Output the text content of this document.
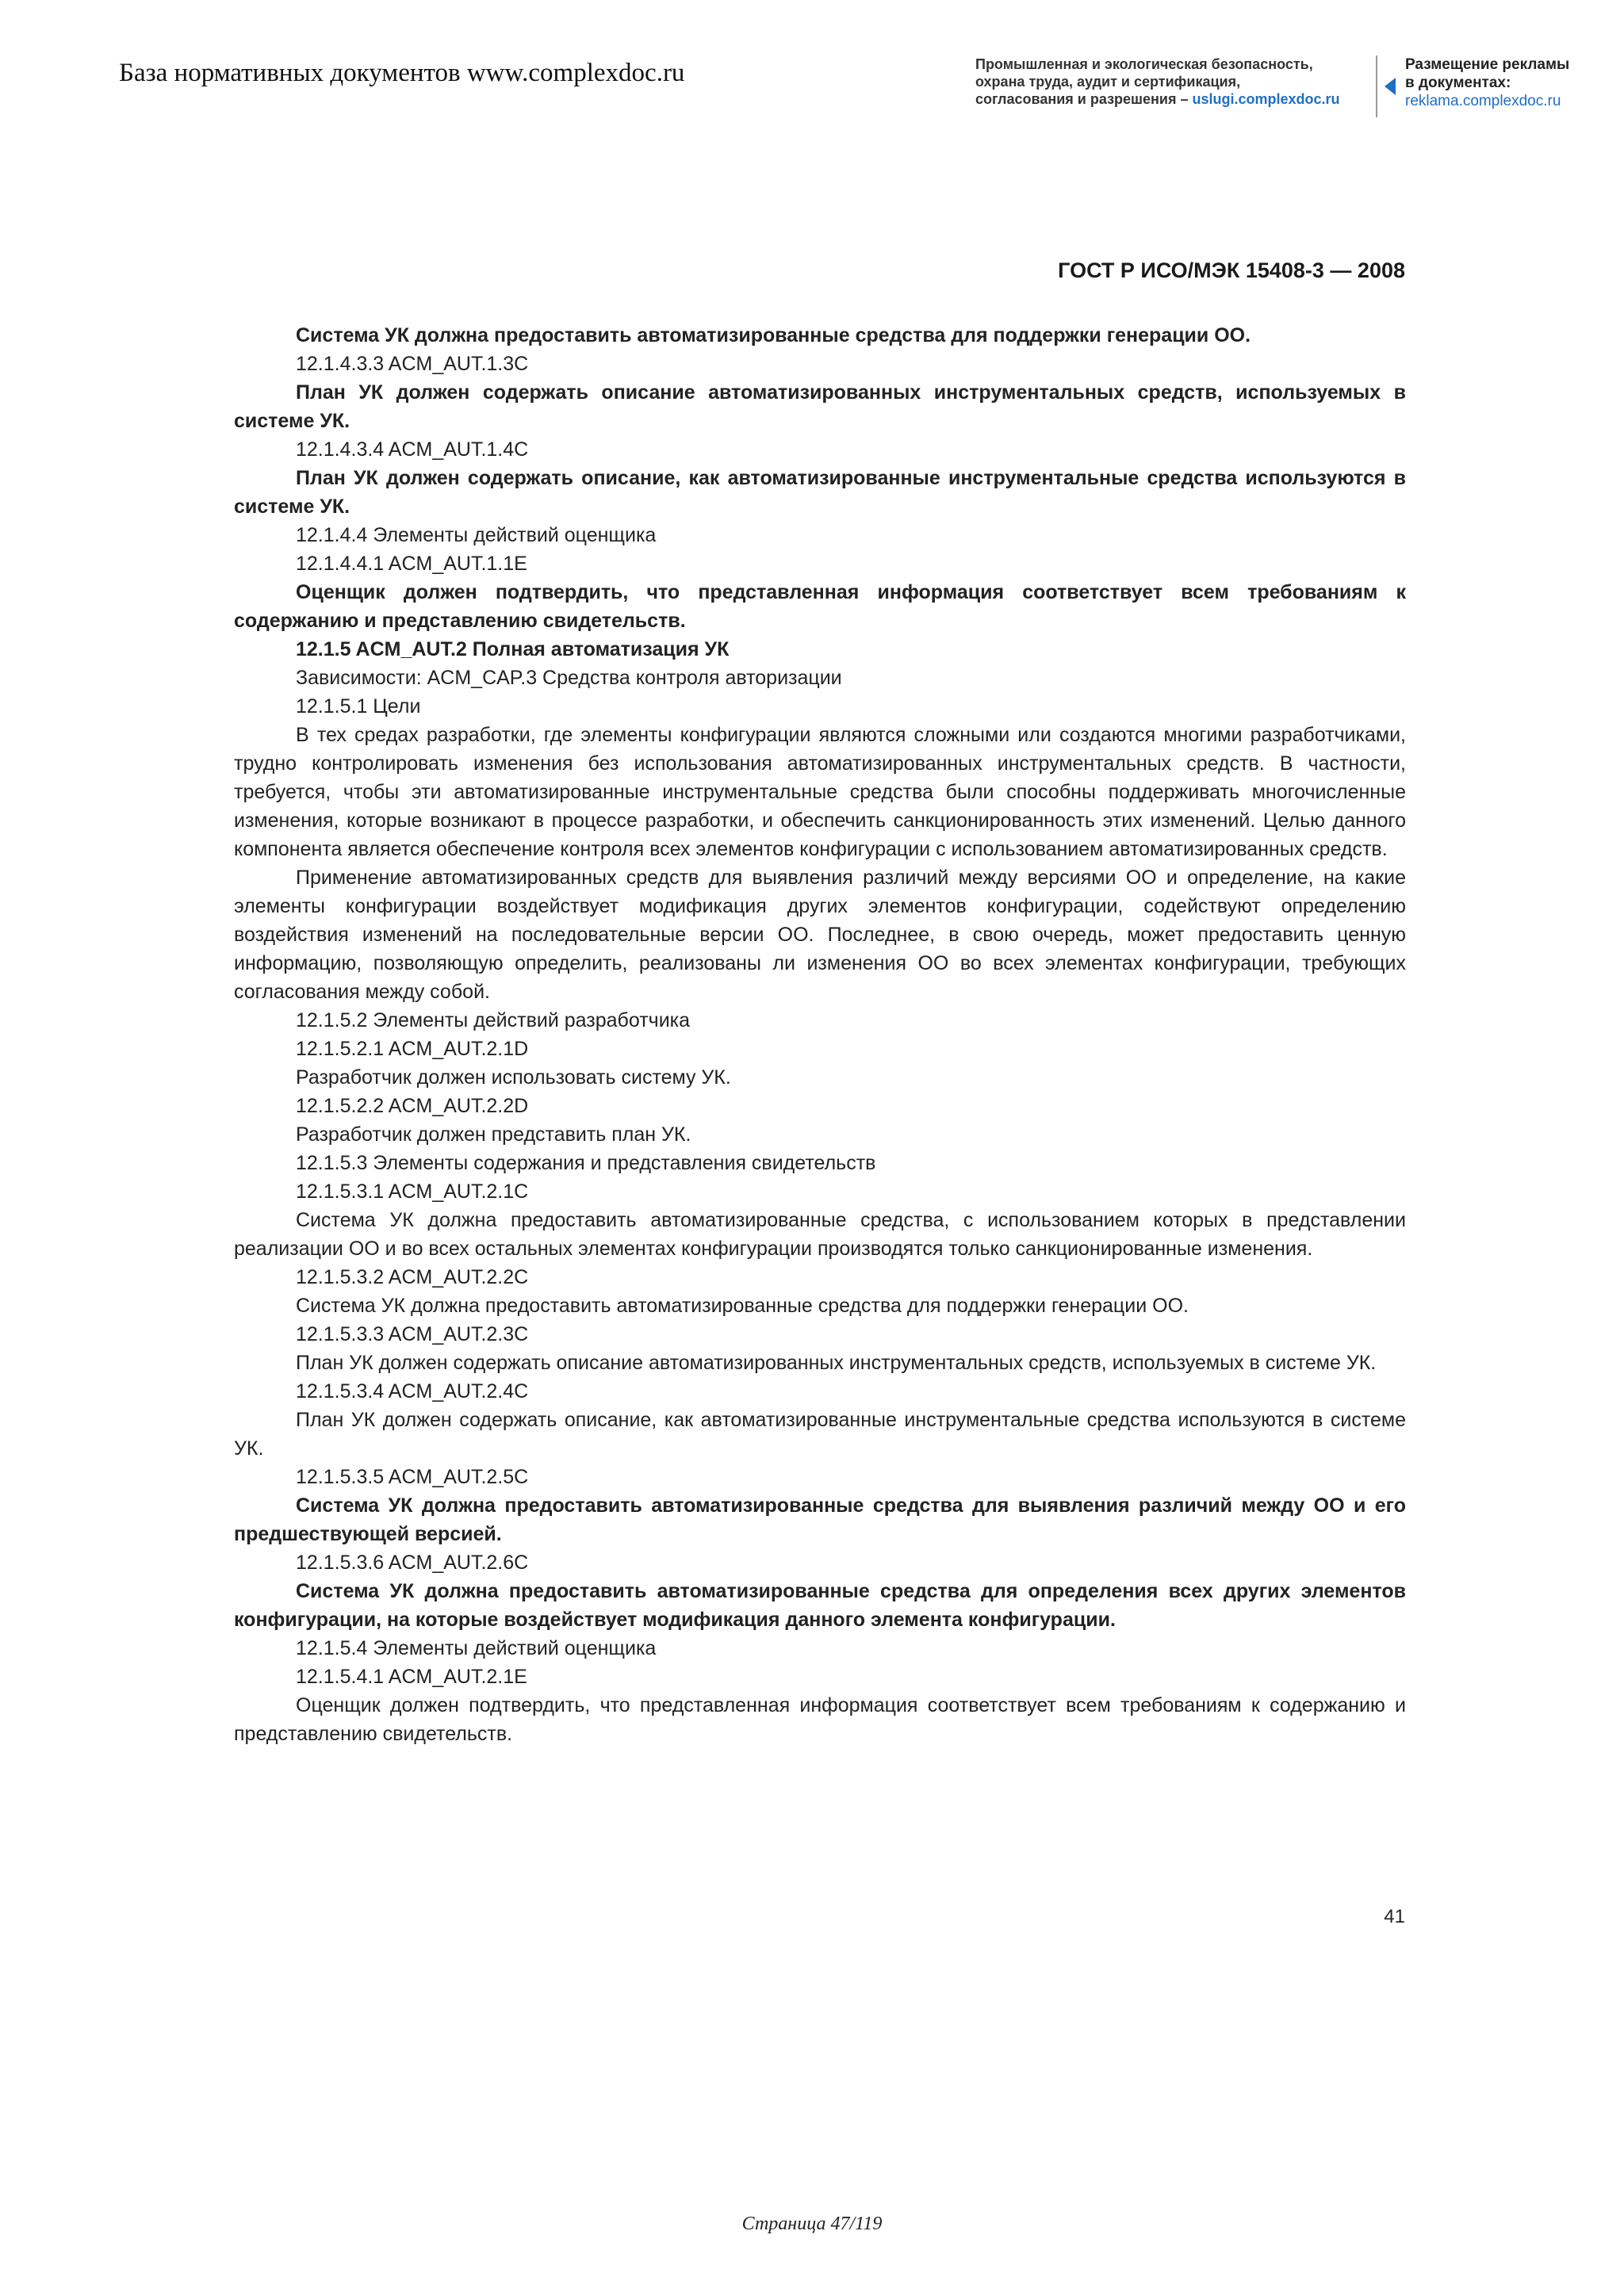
База нормативных документов www.complexdoc.ru	Промышленная и экологическая безопасность,
охрана труда, аудит и сертификация,
согласования и разрешения – uslugi.complexdoc.ru
Размещение рекламы
в документах:
reklama.complexdoc.ru
ГОСТ Р ИСО/МЭК 15408-3 — 2008

Система УК должна предоставить автоматизированные средства для поддержки генерации ОО.

12.1.4.3.3 ACM_AUT.1.3C

План УК должен содержать описание автоматизированных инструментальных средств, используемых в системе УК.

12.1.4.3.4 ACM_AUT.1.4C

План УК должен содержать описание, как автоматизированные инструментальные средства используются в системе УК.

12.1.4.4 Элементы действий оценщика

12.1.4.4.1 ACM_AUT.1.1E

Оценщик должен подтвердить, что представленная информация соответствует всем требованиям к содержанию и представлению свидетельств.

12.1.5 ACM_AUT.2 Полная автоматизация УК

Зависимости: ACM_CAP.3 Средства контроля авторизации

12.1.5.1 Цели

В тех средах разработки, где элементы конфигурации являются сложными или создаются многими разработчиками, трудно контролировать изменения без использования автоматизированных инструментальных средств. В частности, требуется, чтобы эти автоматизированные инструментальные средства были способны поддерживать многочисленные изменения, которые возникают в процессе разработки, и обеспечить санкционированность этих изменений. Целью данного компонента является обеспечение контроля всех элементов конфигурации с использованием автоматизированных средств.

Применение автоматизированных средств для выявления различий между версиями ОО и определение, на какие элементы конфигурации воздействует модификация других элементов конфигурации, содействуют определению воздействия изменений на последовательные версии ОО. Последнее, в свою очередь, может предоставить ценную информацию, позволяющую определить, реализованы ли изменения ОО во всех элементах конфигурации, требующих согласования между собой.

12.1.5.2 Элементы действий разработчика

12.1.5.2.1 ACM_AUT.2.1D

Разработчик должен использовать систему УК.

12.1.5.2.2 ACM_AUT.2.2D

Разработчик должен представить план УК.

12.1.5.3 Элементы содержания и представления свидетельств

12.1.5.3.1 ACM_AUT.2.1C

Система УК должна предоставить автоматизированные средства, с использованием которых в представлении реализации ОО и во всех остальных элементах конфигурации производятся только санкционированные изменения.

12.1.5.3.2 ACM_AUT.2.2C

Система УК должна предоставить автоматизированные средства для поддержки генерации ОО.

12.1.5.3.3 ACM_AUT.2.3C

План УК должен содержать описание автоматизированных инструментальных средств, используемых в системе УК.

12.1.5.3.4 ACM_AUT.2.4C

План УК должен содержать описание, как автоматизированные инструментальные средства используются в системе УК.

12.1.5.3.5 ACM_AUT.2.5C

Система УК должна предоставить автоматизированные средства для выявления различий между ОО и его предшествующей версией.

12.1.5.3.6 ACM_AUT.2.6C

Система УК должна предоставить автоматизированные средства для определения всех других элементов конфигурации, на которые воздействует модификация данного элемента конфигурации.

12.1.5.4 Элементы действий оценщика

12.1.5.4.1 ACM_AUT.2.1E

Оценщик должен подтвердить, что представленная информация соответствует всем требованиям к содержанию и представлению свидетельств.

41
Страница 47/119
